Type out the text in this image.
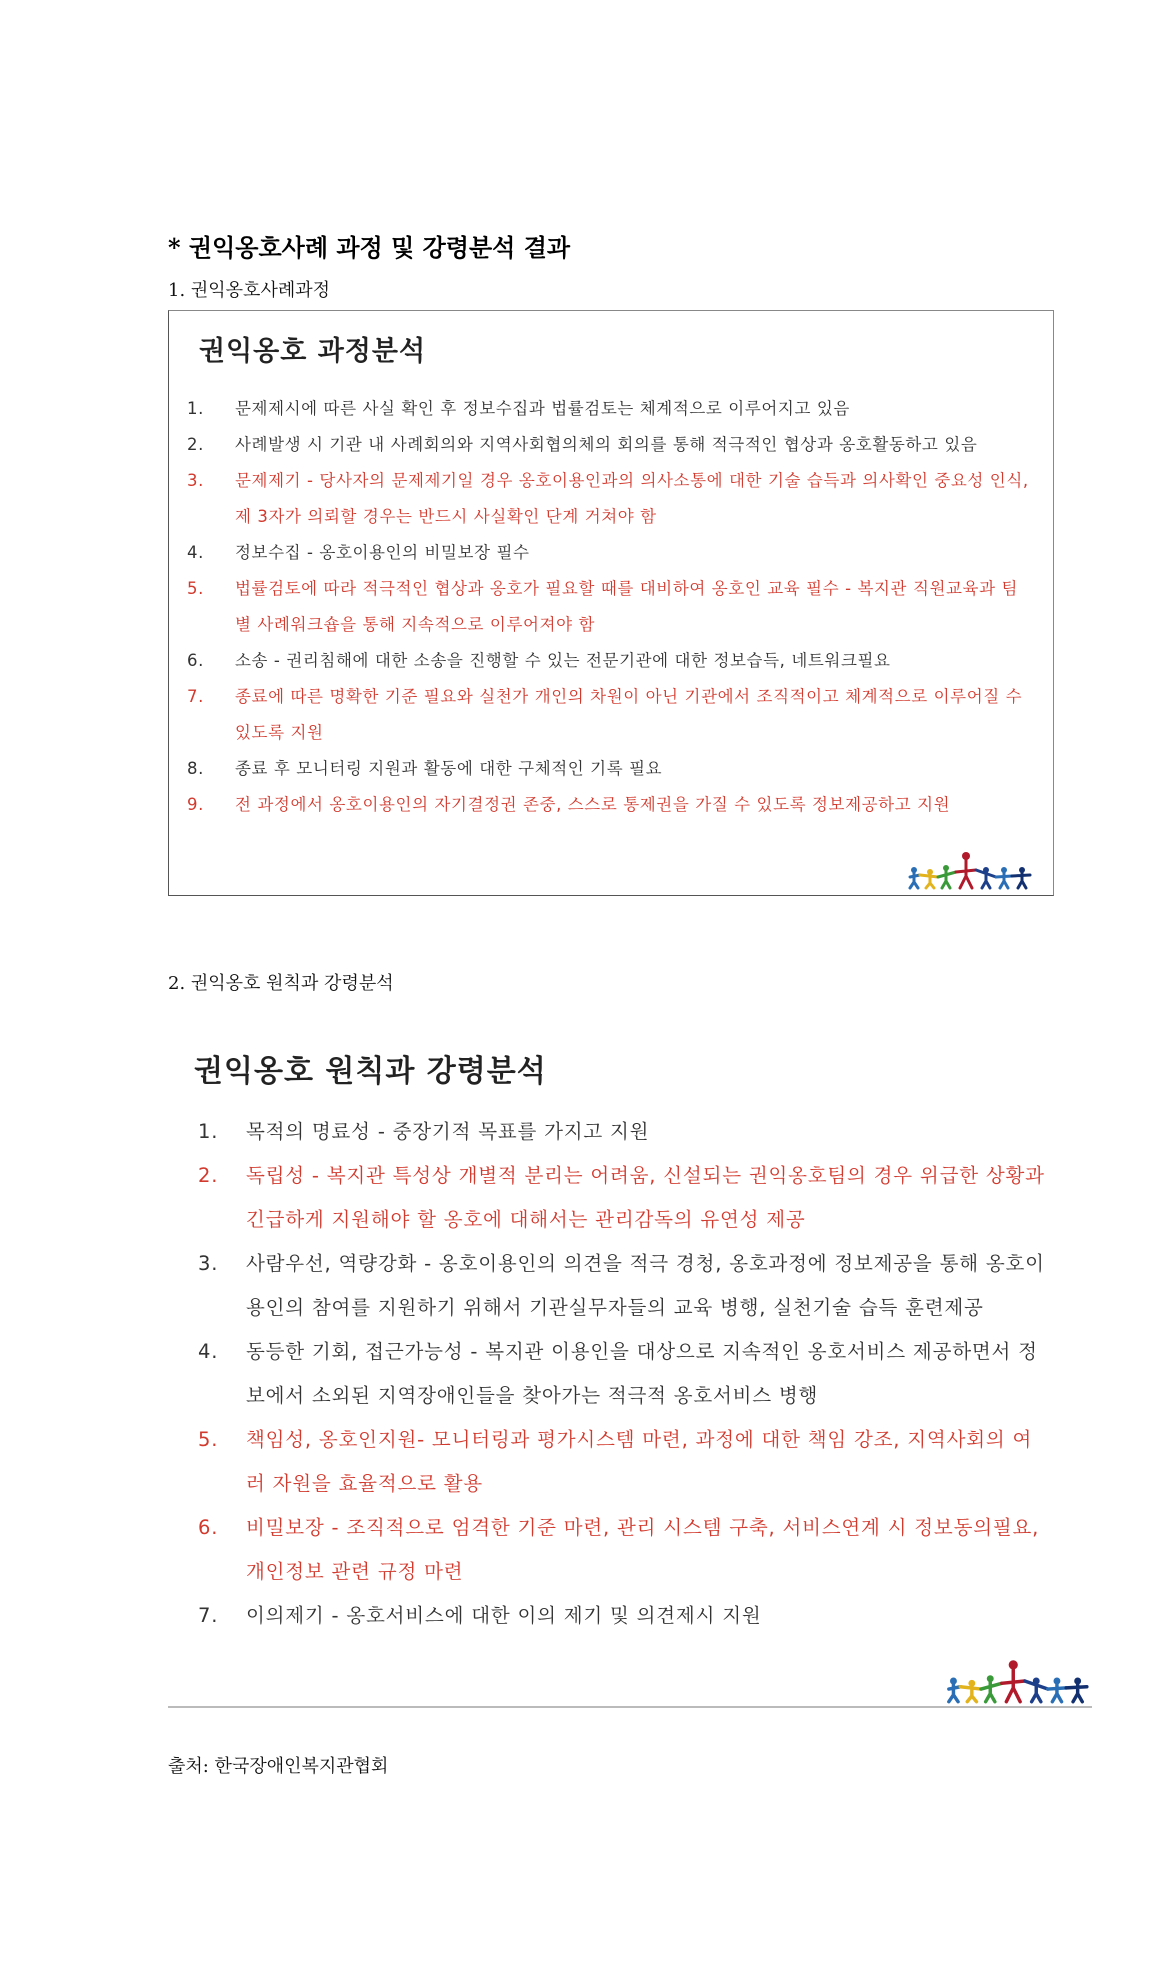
* 권익옹호사례 과정 및 강령분석 결과

1. 권익옹호사례과정

권익옹호 과정분석
1. 문제제시에 따른 사실 확인 후 정보수집과 법률검토는 체계적으로 이루어지고 있음
2. 사례발생 시 기관 내 사례회의와 지역사회협의체의 회의를 통해 적극적인 협상과 옹호활동하고 있음
3. 문제제기 - 당사자의 문제제기일 경우 옹호이용인과의 의사소통에 대한 기술 습득과 의사확인 중요성 인식, 제 3자가 의뢰할 경우는 반드시 사실확인 단계 거쳐야 함
4. 정보수집 - 옹호이용인의 비밀보장 필수
5. 법률검토에 따라 적극적인 협상과 옹호가 필요할 때를 대비하여 옹호인 교육 필수 - 복지관 직원교육과 팀 별 사례워크숍을 통해 지속적으로 이루어져야 함
6. 소송 - 권리침해에 대한 소송을 진행할 수 있는 전문기관에 대한 정보습득, 네트워크필요
7. 종료에 따른 명확한 기준 필요와 실천가 개인의 차원이 아닌 기관에서 조직적이고 체계적으로 이루어질 수 있도록 지원
8. 종료 후 모니터링 지원과 활동에 대한 구체적인 기록 필요
9. 전 과정에서 옹호이용인의 자기결정권 존중, 스스로 통제권을 가질 수 있도록 정보제공하고 지원

2. 권익옹호 원칙과 강령분석

권익옹호 원칙과 강령분석
1. 목적의 명료성 - 중장기적 목표를 가지고 지원
2. 독립성 - 복지관 특성상 개별적 분리는 어려움, 신설되는 권익옹호팀의 경우 위급한 상황과 긴급하게 지원해야 할 옹호에 대해서는 관리감독의 유연성 제공
3. 사람우선, 역량강화 - 옹호이용인의 의견을 적극 경청, 옹호과정에 정보제공을 통해 옹호이용인의 참여를 지원하기 위해서 기관실무자들의 교육 병행, 실천기술 습득 훈련제공
4. 동등한 기회, 접근가능성 - 복지관 이용인을 대상으로 지속적인 옹호서비스 제공하면서 정보에서 소외된 지역장애인들을 찾아가는 적극적 옹호서비스 병행
5. 책임성, 옹호인지원- 모니터링과 평가시스템 마련, 과정에 대한 책임 강조, 지역사회의 여러 자원을 효율적으로 활용
6. 비밀보장 - 조직적으로 엄격한 기준 마련, 관리 시스템 구축, 서비스연계 시 정보동의필요, 개인정보 관련 규정 마련
7. 이의제기 - 옹호서비스에 대한 이의 제기 및 의견제시 지원

출처: 한국장애인복지관협회
